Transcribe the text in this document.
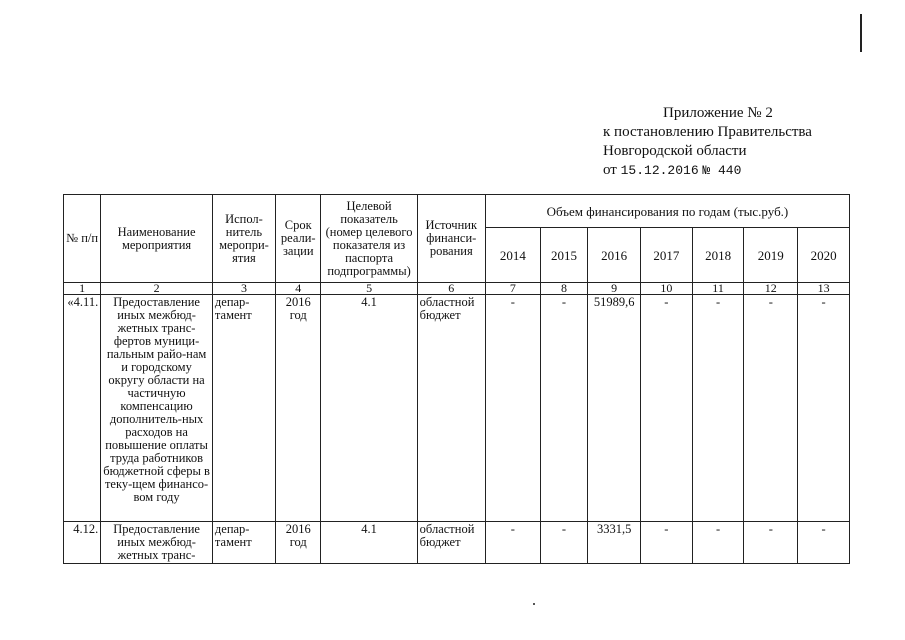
Приложение № 2
к постановлению Правительства
Новгородской области
от 15.12.2016 № 440
№ п/п	Наименование мероприятия	Испол-нитель меропри-ятия	Срок реали-зации	Целевой показатель (номер целевого показателя из паспорта подпрограммы)	Источник финанси-рования	Объем финансирования по годам (тыс.руб.)						
						2014	2015	2016	2017	2018	2019	2020
1	2	3	4	5	6	7	8	9	10	11	12	13
«4.11.	Предоставление иных межбюд-жетных транс-фертов муници-пальным райо-нам и городскому округу области на частичную компенсацию дополнитель-ных расходов на повышение оплаты труда работников бюджетной сферы в теку-щем финансо-вом году	депар-тамент	2016 год	4.1	областной бюджет	-	-	51989,6	-	-	-	-
4.12.	Предоставление иных межбюд-жетных транс-	депар-тамент	2016 год	4.1	областной бюджет	-	-	3331,5	-	-	-	-
